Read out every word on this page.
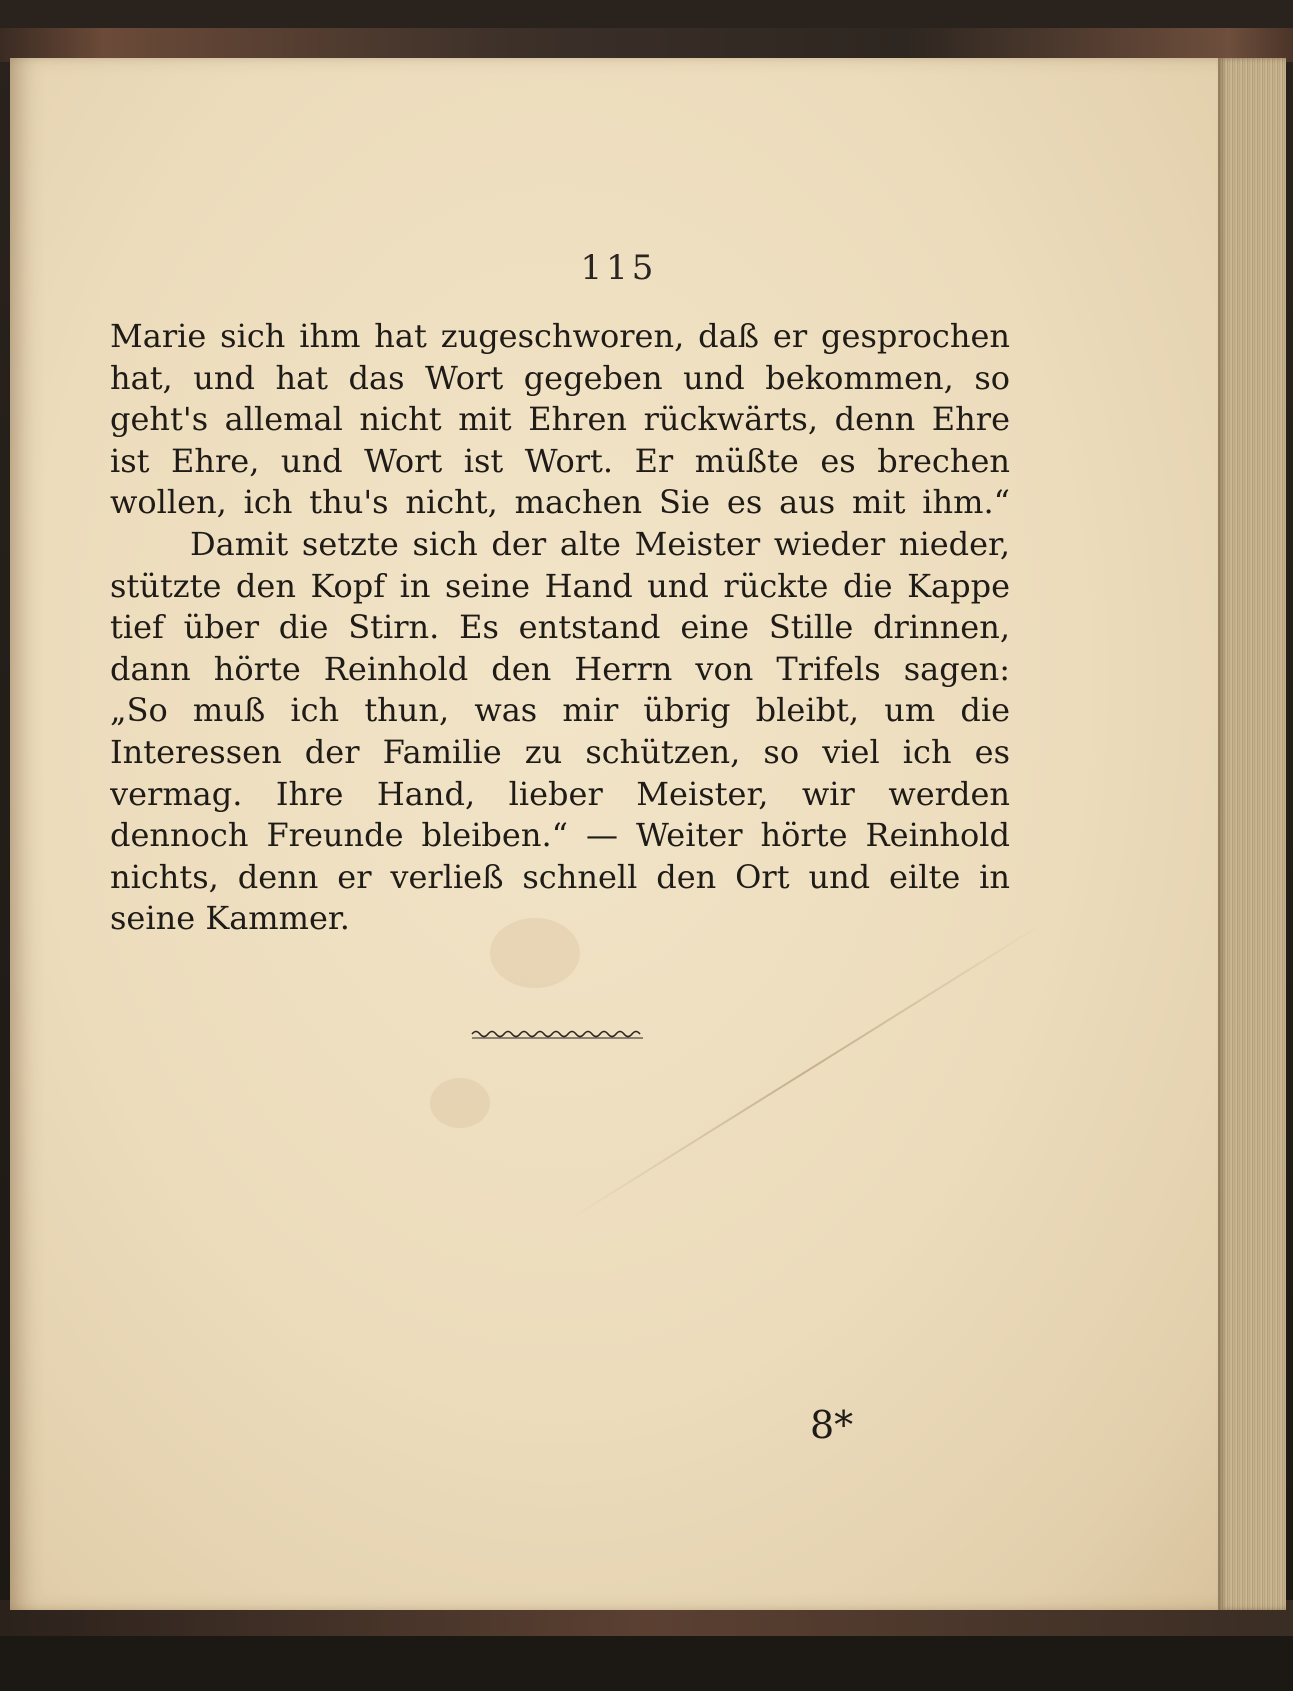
115
Marie sich ihm hat zugeschworen, daß er gesprochen
hat, und hat das Wort gegeben und bekommen, so
geht's allemal nicht mit Ehren rückwärts, denn Ehre
ist Ehre, und Wort ist Wort. Er müßte es brechen
wollen, ich thu's nicht, machen Sie es aus mit ihm.“
Damit setzte sich der alte Meister wieder nieder,
stützte den Kopf in seine Hand und rückte die Kappe
tief über die Stirn. Es entstand eine Stille drinnen,
dann hörte Reinhold den Herrn von Trifels sagen:
„So muß ich thun, was mir übrig bleibt, um die
Interessen der Familie zu schützen, so viel ich es
vermag. Ihre Hand, lieber Meister, wir werden
dennoch Freunde bleiben.“ — Weiter hörte Reinhold
nichts, denn er verließ schnell den Ort und eilte in
seine Kammer.
8*
